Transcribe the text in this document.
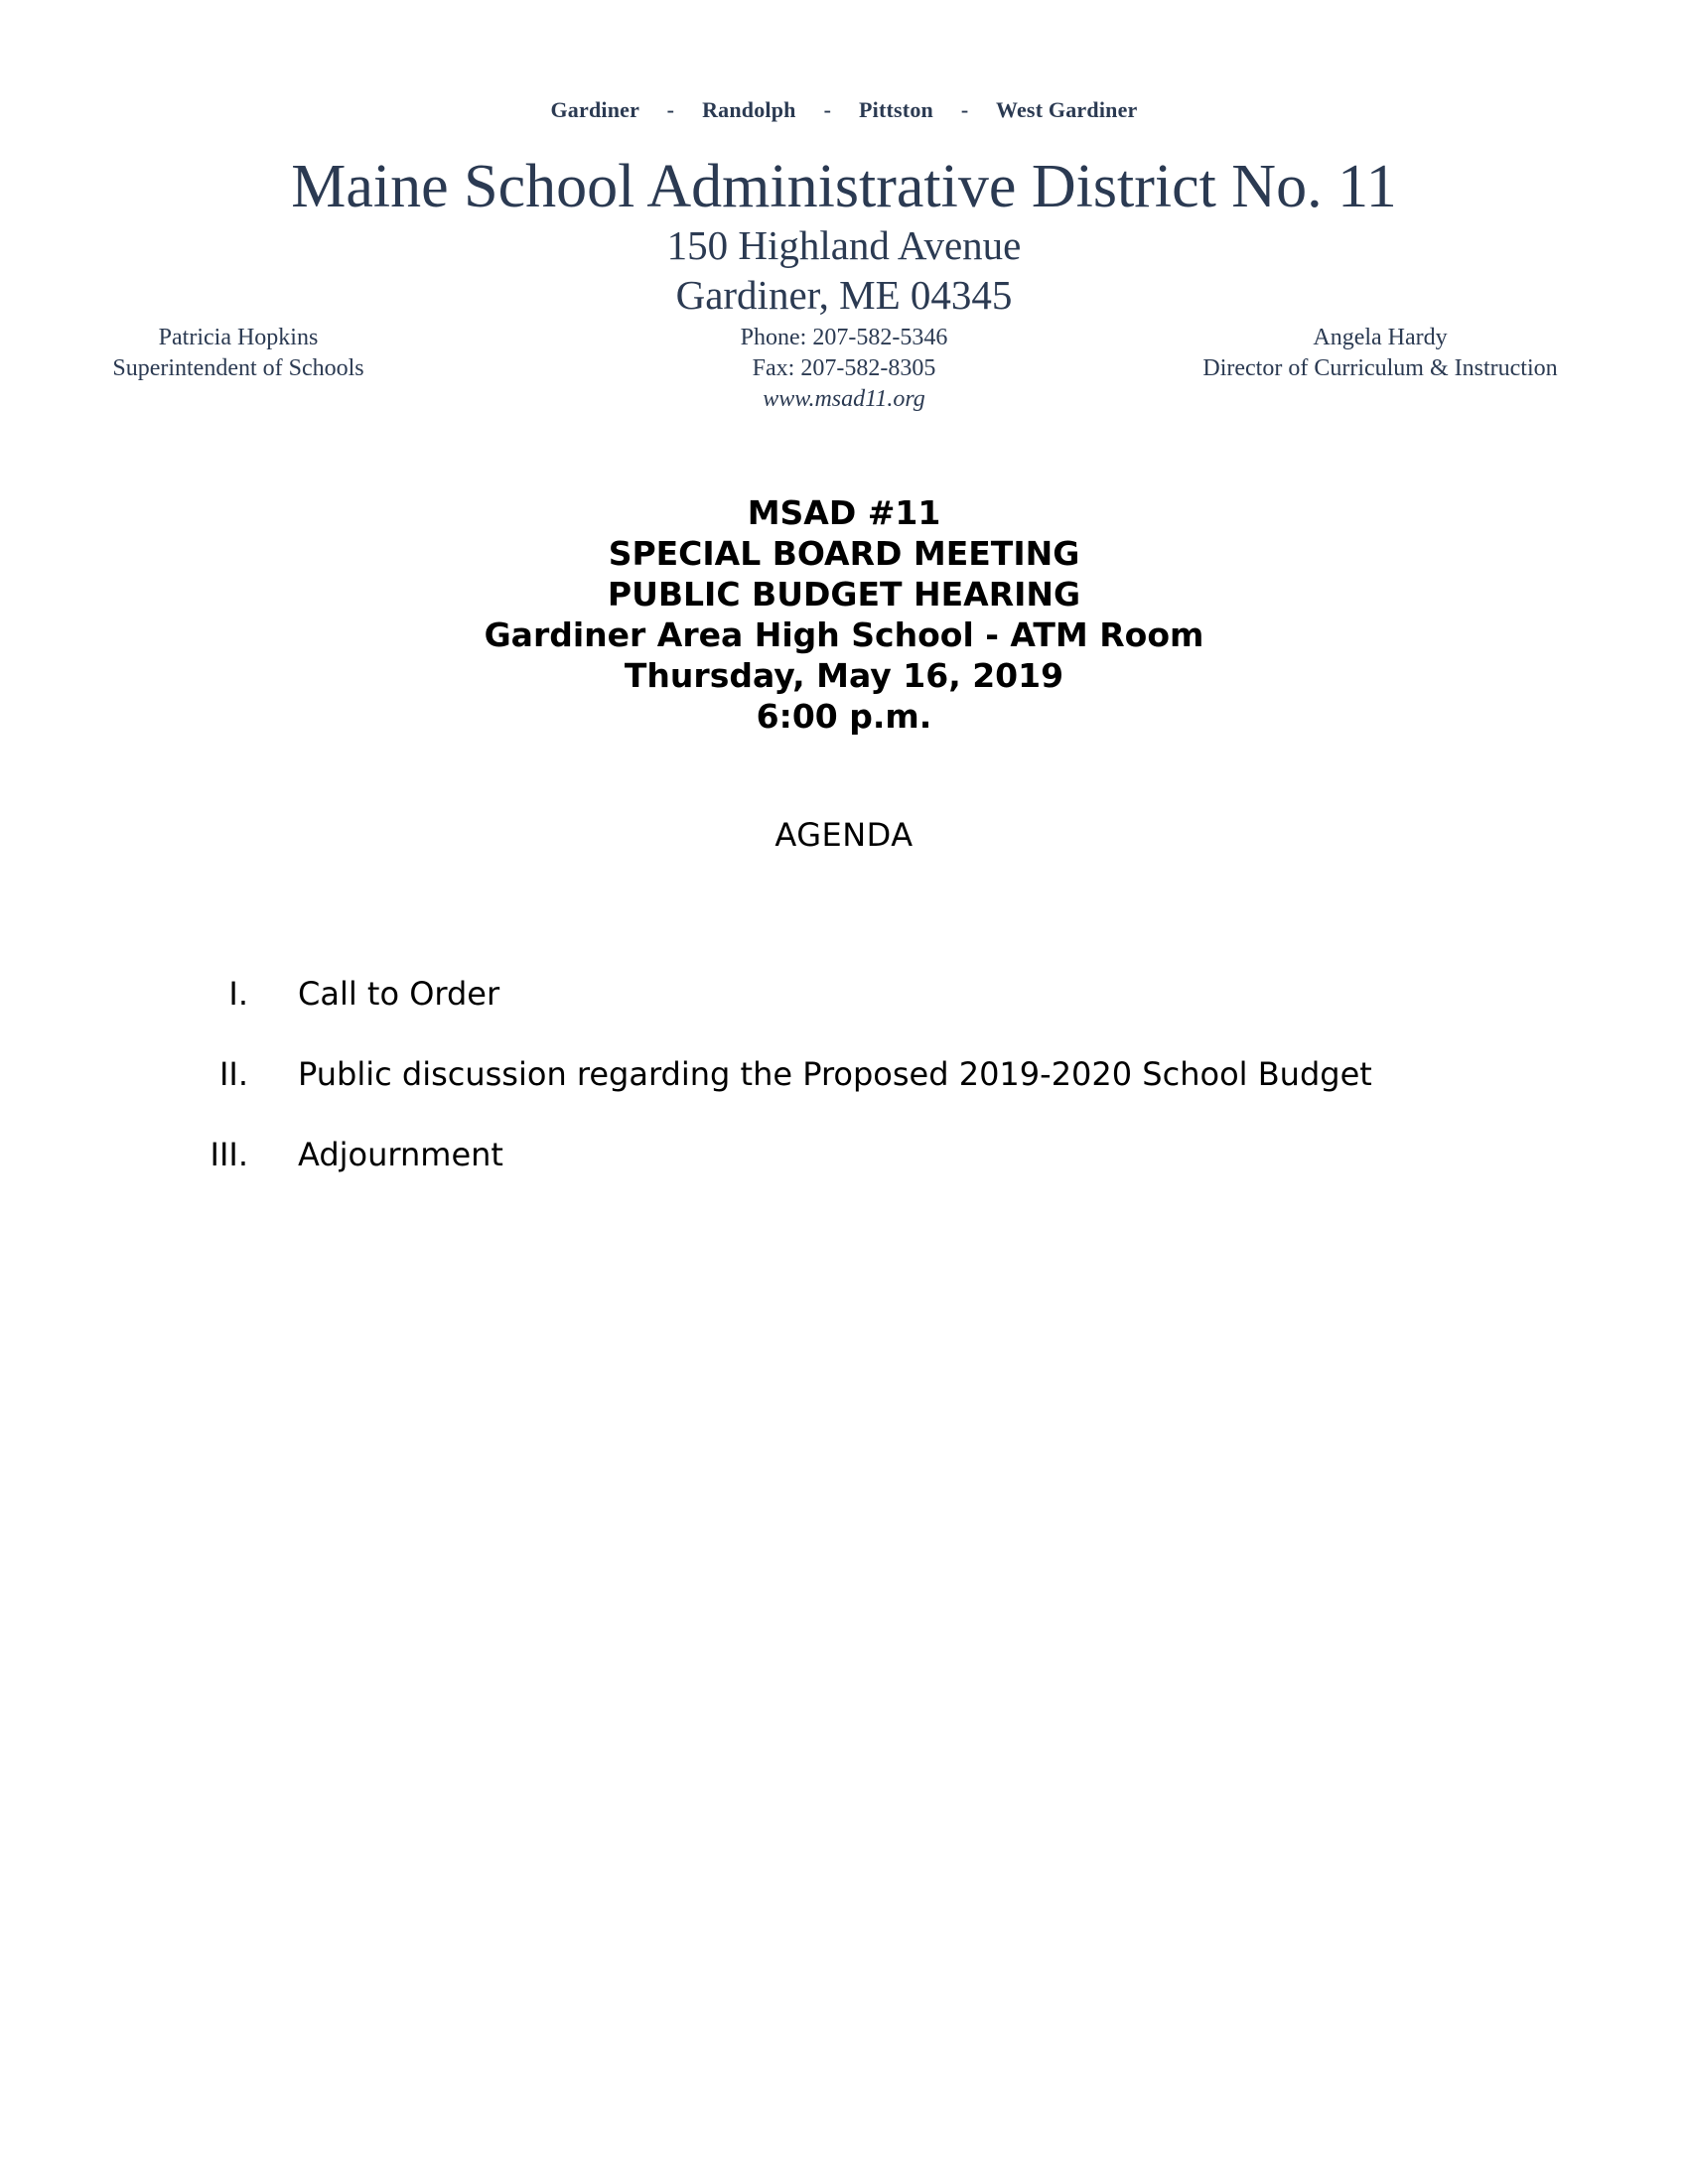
Gardiner - Randolph - Pittston - West Gardiner
Maine School Administrative District No. 11
150 Highland Avenue
Gardiner, ME 04345
Patricia Hopkins
Superintendent of Schools
Phone: 207-582-5346
Fax: 207-582-8305
www.msad11.org
Angela Hardy
Director of Curriculum & Instruction
MSAD #11
SPECIAL BOARD MEETING
PUBLIC BUDGET HEARING
Gardiner Area High School - ATM Room
Thursday, May 16, 2019
6:00 p.m.
AGENDA
I. Call to Order
II. Public discussion regarding the Proposed 2019-2020 School Budget
III. Adjournment
